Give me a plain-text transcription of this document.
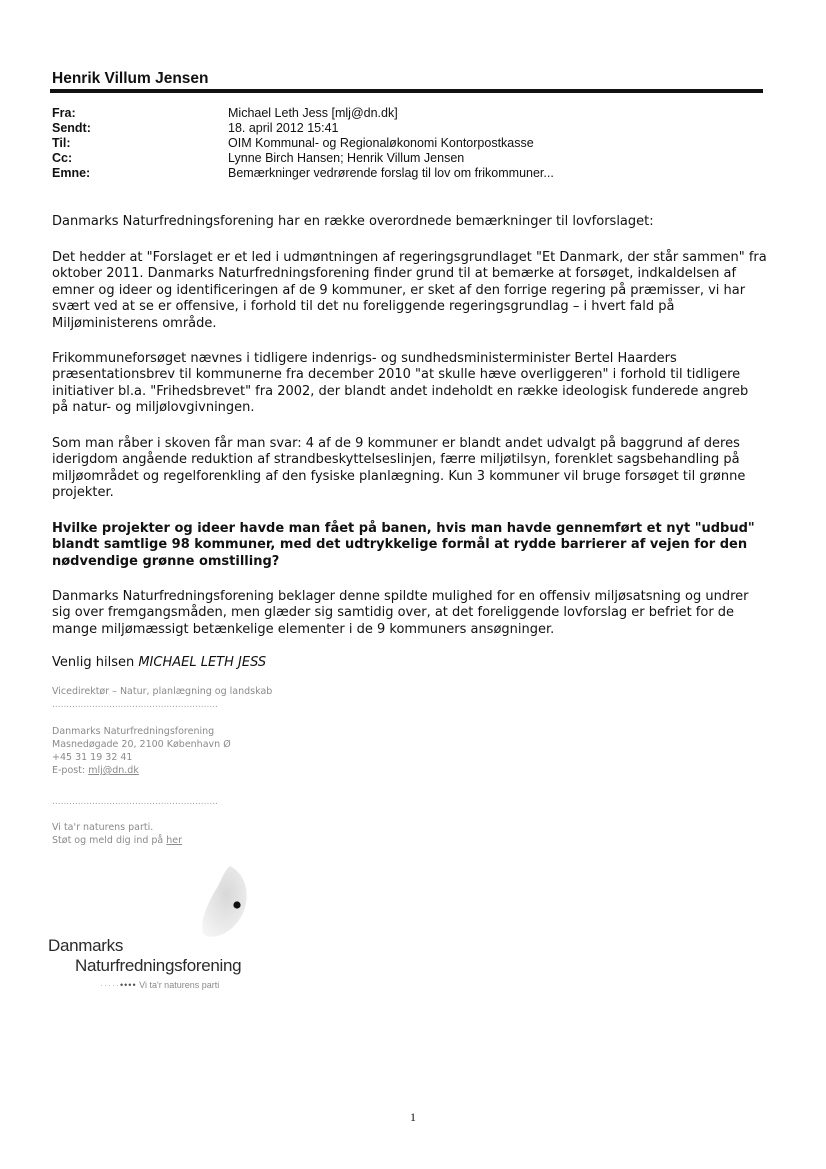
Henrik Villum Jensen
Fra:	Michael Leth Jess [mlj@dn.dk]
Sendt:	18. april 2012 15:41
Til:	OIM Kommunal- og Regionaløkonomi Kontorpostkasse
Cc:	Lynne Birch Hansen; Henrik Villum Jensen
Emne:	Bemærkninger vedrørende forslag til lov om frikommuner...

Danmarks Naturfredningsforening har en række overordnede bemærkninger til lovforslaget:

Det hedder at "Forslaget er et led i udmøntningen af regeringsgrundlaget "Et Danmark, der står sammen" fra oktober 2011. Danmarks Naturfredningsforening finder grund til at bemærke at forsøget, indkaldelsen af emner og ideer og identificeringen af de 9 kommuner, er sket af den forrige regering på præmisser, vi har svært ved at se er offensive, i forhold til det nu foreliggende regeringsgrundlag – i hvert fald på Miljøministerens område.

Frikommuneforsøget nævnes i tidligere indenrigs- og sundhedsministerminister Bertel Haarders præsentationsbrev til kommunerne fra december 2010 "at skulle hæve overliggeren" i forhold til tidligere initiativer bl.a. "Frihedsbrevet" fra 2002, der blandt andet indeholdt en række ideologisk funderede angreb på natur- og miljølovgivningen.

Som man råber i skoven får man svar: 4 af de 9 kommuner er blandt andet udvalgt på baggrund af deres iderigdom angående reduktion af strandbeskyttelseslinjen, færre miljøtilsyn, forenklet sagsbehandling på miljøområdet og regelforenkling af den fysiske planlægning. Kun 3 kommuner vil bruge forsøget til grønne projekter.

Hvilke projekter og ideer havde man fået på banen, hvis man havde gennemført et nyt "udbud" blandt samtlige 98 kommuner, med det udtrykkelige formål at rydde barrierer af vejen for den nødvendige grønne omstilling?

Danmarks Naturfredningsforening beklager denne spildte mulighed for en offensiv miljøsatsning og undrer sig over fremgangsmåden, men glæder sig samtidig over, at det foreliggende lovforslag er befriet for de mange miljømæssigt betænkelige elementer i de 9 kommuners ansøgninger.

Venlig hilsen MICHAEL LETH JESS
Vicedirektør – Natur, planlægning og landskab
..........................................................
Danmarks Naturfredningsforening
Masnedøgade 20, 2100 København Ø
+45 31 19 32 41
E-post: mlj@dn.dk
..........................................................
Vi ta'r naturens parti.
Støt og meld dig ind på her
Danmarks
Naturfredningsforening
·····•••• Vi ta'r naturens parti
1
